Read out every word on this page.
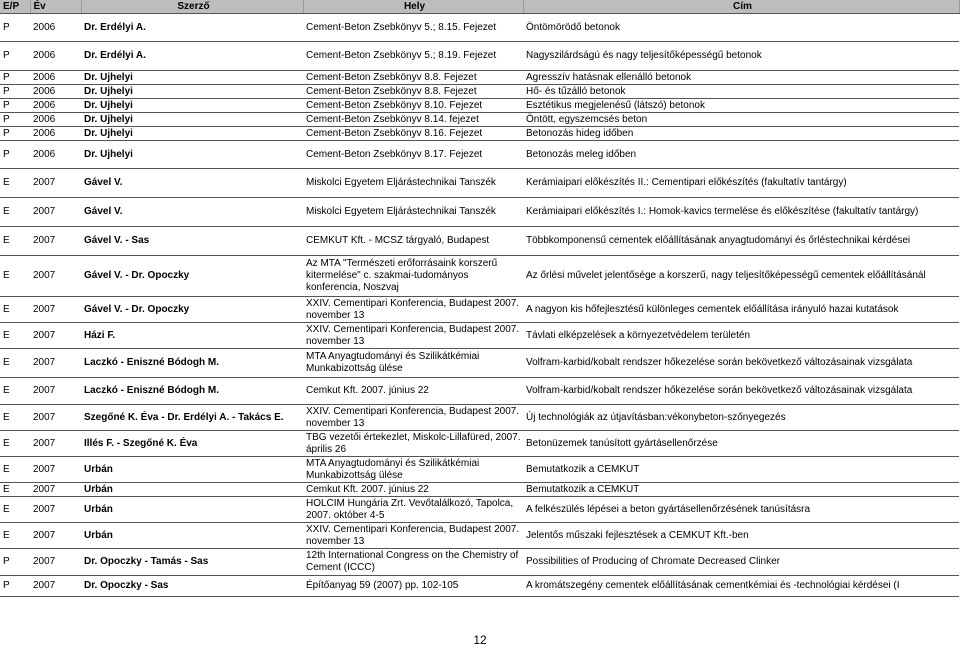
E/P	Év	Szerző	Hely	Cím
P	2006	Dr. Erdélyi A.	Cement-Beton Zsebkönyv 5.; 8.15. Fejezet	Öntömörödő betonok
P	2006	Dr. Erdélyi A.	Cement-Beton Zsebkönyv 5.; 8.19. Fejezet	Nagyszilárdságú és nagy teljesítőképességű betonok
P	2006	Dr. Ujhelyi	Cement-Beton Zsebkönyv 8.8. Fejezet	Agresszív hatásnak ellenálló betonok
P	2006	Dr. Ujhelyi	Cement-Beton Zsebkönyv 8.8. Fejezet	Hő- és tűzálló betonok
P	2006	Dr. Ujhelyi	Cement-Beton Zsebkönyv 8.10. Fejezet	Esztétikus megjelenésű (látszó) betonok
P	2006	Dr. Ujhelyi	Cement-Beton Zsebkönyv 8.14. fejezet	Öntött, egyszemcsés beton
P	2006	Dr. Ujhelyi	Cement-Beton Zsebkönyv 8.16. Fejezet	Betonozás hideg időben
P	2006	Dr. Ujhelyi	Cement-Beton Zsebkönyv 8.17. Fejezet	Betonozás meleg időben
E	2007	Gável V.	Miskolci Egyetem Eljárástechnikai Tanszék	Kerámiaipari előkészítés II.: Cementipari előkészítés (fakultatív tantárgy)
E	2007	Gável V.	Miskolci Egyetem Eljárástechnikai Tanszék	Kerámiaipari előkészítés I.: Homok-kavics termelése és előkészítése (fakultatív tantárgy)
E	2007	Gável V. - Sas	CEMKUT Kft. - MCSZ tárgyaló, Budapest	Többkomponensű cementek előállításának anyagtudományi és őrléstechnikai kérdései
E	2007	Gável V. - Dr. Opoczky	Az MTA "Természeti erőforrásaink korszerű kitermelése" c. szakmai-tudományos konferencia, Noszvaj	Az őrlési művelet jelentősége a korszerű, nagy teljesítőképességű cementek előállításánál
E	2007	Gável V. - Dr. Opoczky	XXIV. Cementipari Konferencia, Budapest 2007. november 13	A nagyon kis hőfejlesztésű különleges cementek előállítása irányuló hazai kutatások
E	2007	Házi F.	XXIV. Cementipari Konferencia, Budapest 2007. november 13	Távlati elképzelések a környezetvédelem területén
E	2007	Laczkó - Eniszné Bódogh M.	MTA Anyagtudományi és Szilikátkémiai Munkabizottság ülése	Volfram-karbid/kobalt rendszer hőkezelése során bekövetkező változásainak vizsgálata
E	2007	Laczkó - Eniszné Bódogh M.	Cemkut Kft. 2007. június 22	Volfram-karbid/kobalt rendszer hőkezelése során bekövetkező változásainak vizsgálata
E	2007	Szegőné K. Éva - Dr. Erdélyi A. - Takács E.	XXIV. Cementipari Konferencia, Budapest 2007. november 13	Új technológiák az útjavításban:vékonybeton-szőnyegezés
E	2007	Illés F. - Szegőné K. Éva	TBG vezetői értekezlet, Miskolc-Lillafüred, 2007. április 26	Betonüzemek tanúsított gyártásellenőrzése
E	2007	Urbán	MTA Anyagtudományi és Szilikátkémiai Munkabizottság ülése	Bemutatkozik a CEMKUT
E	2007	Urbán	Cemkut Kft. 2007. június 22	Bemutatkozik a CEMKUT
E	2007	Urbán	HOLCIM Hungária Zrt. Vevőtalálkozó, Tapolca, 2007. október 4-5	A felkészülés lépései a beton gyártásellenőrzésének tanúsításra
E	2007	Urbán	XXIV. Cementipari Konferencia, Budapest 2007. november 13	Jelentős műszaki fejlesztések a CEMKUT Kft.-ben
P	2007	Dr. Opoczky - Tamás - Sas	12th International Congress on the Chemistry of Cement (ICCC)	Possibilities of Producing of Chromate Decreased Clinker
P	2007	Dr. Opoczky - Sas	Építőanyag 59 (2007) pp. 102-105	A kromátszegény cementek előállításának cementkémiai és -technológiai kérdései (I
12
